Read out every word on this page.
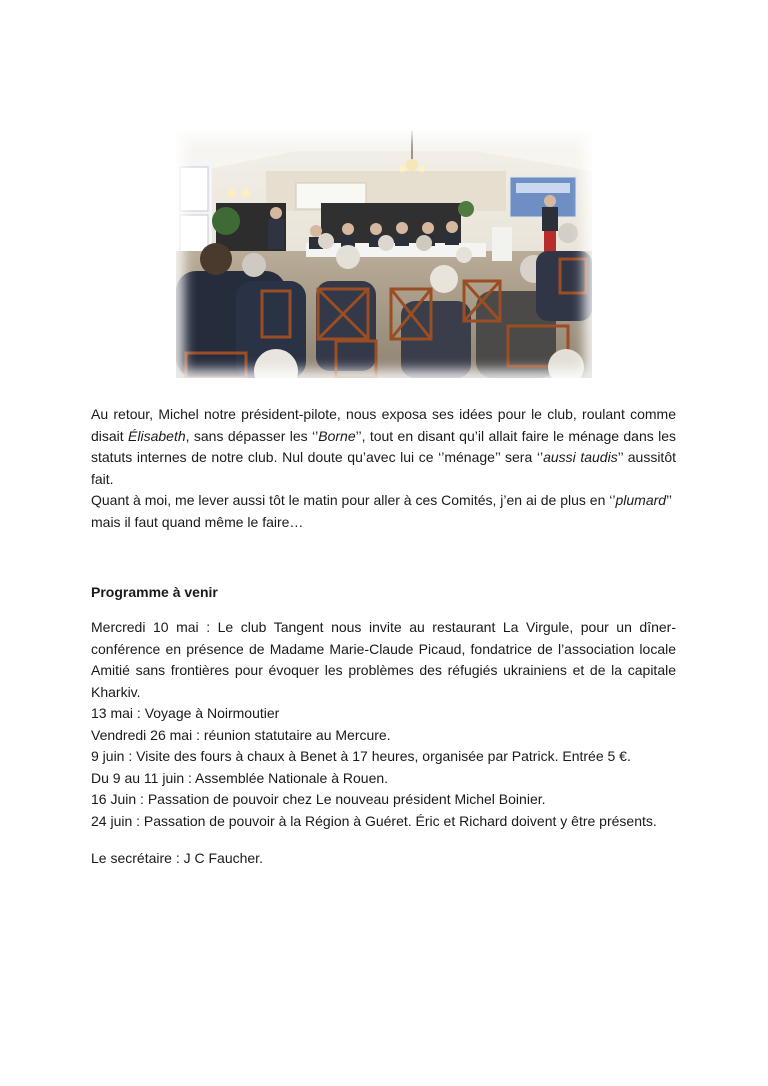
Au retour, Michel notre président-pilote, nous exposa ses idées pour le club, roulant comme
disait Élisabeth, sans dépasser les ‘’Borne’’, tout en disant qu’il allait faire le ménage dans les
statuts internes de notre club. Nul doute qu’avec lui ce ‘’ménage’’ sera ‘’aussi taudis’’ aussitôt
fait.
Quant à moi, me lever aussi tôt le matin pour aller à ces Comités, j’en ai de plus en ‘’plumard’’
mais il faut quand même le faire…
Programme à venir
Mercredi 10 mai : Le club Tangent nous invite au restaurant La Virgule, pour un dîner-
conférence en présence de Madame Marie-Claude Picaud, fondatrice de l’association locale
Amitié sans frontières pour évoquer les problèmes des réfugiés ukrainiens et de la capitale
Kharkiv.
13 mai : Voyage à Noirmoutier
Vendredi 26 mai : réunion statutaire au Mercure.
9 juin : Visite des fours à chaux à Benet à 17 heures, organisée par Patrick. Entrée 5 €.
Du 9 au 11 juin : Assemblée Nationale à Rouen.
16 Juin : Passation de pouvoir chez Le nouveau président Michel Boinier.
24 juin : Passation de pouvoir à la Région à Guéret. Éric et Richard doivent y être présents.
Le secrétaire : J C Faucher.
